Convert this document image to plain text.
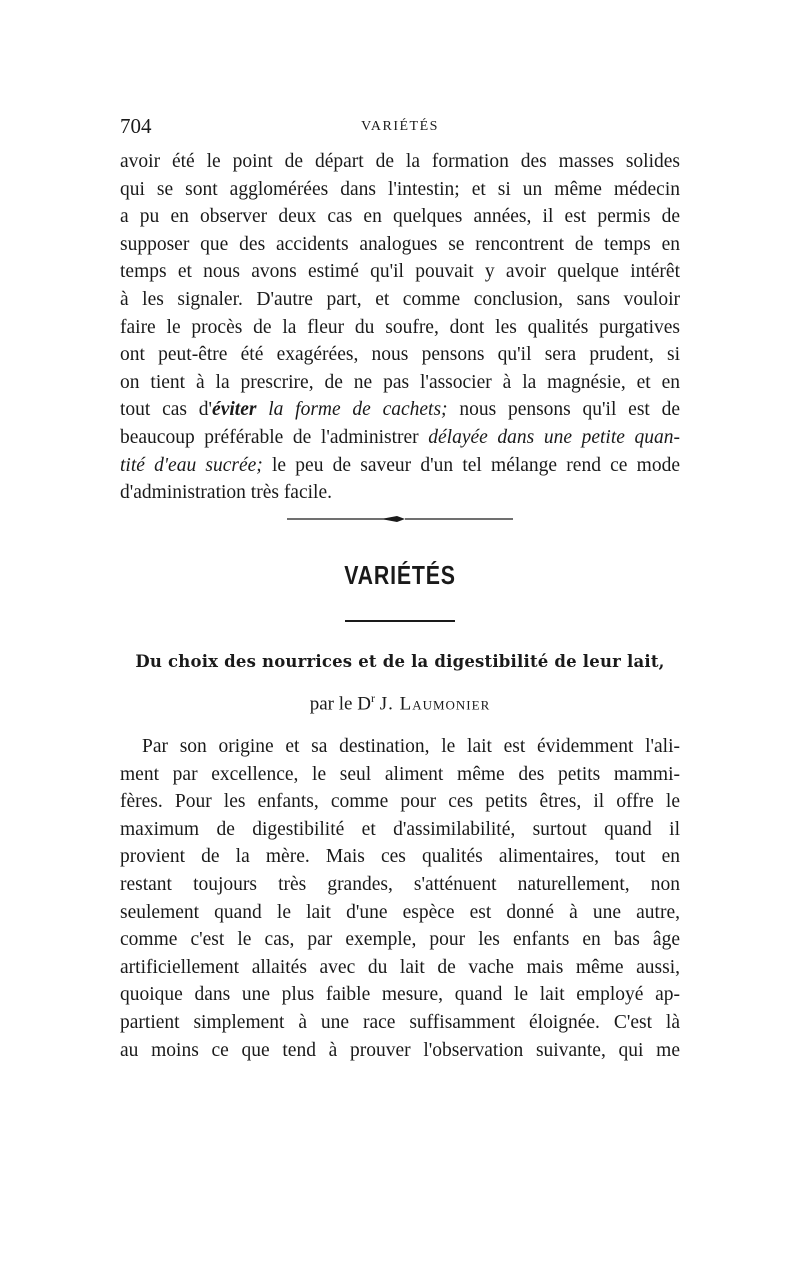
704	VARIÉTÉS
avoir été le point de départ de la formation des masses solides
qui se sont agglomérées dans l'intestin; et si un même médecin
a pu en observer deux cas en quelques années, il est permis de
supposer que des accidents analogues se rencontrent de temps en
temps et nous avons estimé qu'il pouvait y avoir quelque intérêt
à les signaler. D'autre part, et comme conclusion, sans vouloir
faire le procès de la fleur du soufre, dont les qualités purgatives
ont peut-être été exagérées, nous pensons qu'il sera prudent, si
on tient à la prescrire, de ne pas l'associer à la magnésie, et en
tout cas d'éviter la forme de cachets; nous pensons qu'il est de
beaucoup préférable de l'administrer délayée dans une petite quan-
tité d'eau sucrée; le peu de saveur d'un tel mélange rend ce mode
d'administration très facile.
VARIÉTÉS
Du choix des nourrices et de la digestibilité de leur lait,
par le $D^r$ J. Laumonier
Par son origine et sa destination, le lait est évidemment l'ali-
ment par excellence, le seul aliment même des petits mammi-
fères. Pour les enfants, comme pour ces petits êtres, il offre le
maximum de digestibilité et d'assimilabilité, surtout quand il
provient de la mère. Mais ces qualités alimentaires, tout en
restant toujours très grandes, s'atténuent naturellement, non
seulement quand le lait d'une espèce est donné à une autre,
comme c'est le cas, par exemple, pour les enfants en bas âge
artificiellement allaités avec du lait de vache mais même aussi,
quoique dans une plus faible mesure, quand le lait employé ap-
partient simplement à une race suffisamment éloignée. C'est là
au moins ce que tend à prouver l'observation suivante, qui me
